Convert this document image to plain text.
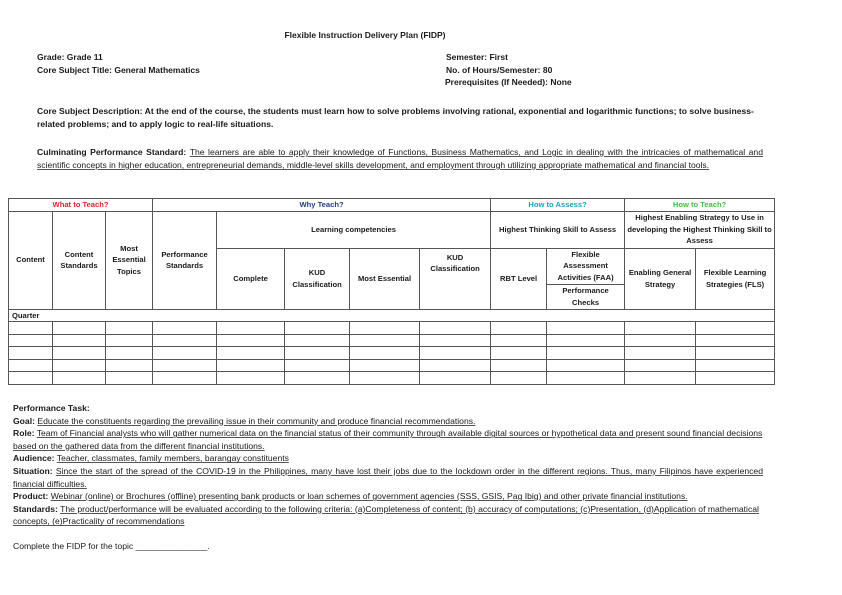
Flexible Instruction Delivery Plan (FIDP)
Grade: Grade 11
Core Subject Title: General Mathematics
Semester: First
No. of Hours/Semester: 80
Prerequisites (If Needed): None
Core Subject Description: At the end of the course, the students must learn how to solve problems involving rational, exponential and logarithmic functions; to solve business-related problems; and to apply logic to real-life situations.
Culminating Performance Standard: The learners are able to apply their knowledge of Functions, Business Mathematics, and Logic in dealing with the intricacies of mathematical and scientific concepts in higher education, entrepreneurial demands, middle-level skills development, and employment through utilizing appropriate mathematical and financial tools.
What to Teach?			Why Teach?					How to Assess?		How to Teach?	
Content	Content Standards	Most Essential Topics	Performance Standards	Learning competencies				Highest Thinking Skill to Assess		Highest Enabling Strategy to Use in developing the Highest Thinking Skill to Assess	
				Complete	KUD Classification	Most Essential	KUD Classification	RBT Level	Flexible Assessment Activities (FAA)	Enabling General Strategy	Flexible Learning Strategies (FLS)
									Performance Checks		
Quarter											

Performance Task:
Goal: Educate the constituents regarding the prevailing issue in their community and produce financial recommendations.
Role: Team of Financial analysts who will gather numerical data on the financial status of their community through available digital sources or hypothetical data and present sound financial decisions based on the gathered data from the different financial institutions.
Audience: Teacher, classmates, family members, barangay constituents
Situation: Since the start of the spread of the COVID-19 in the Philippines, many have lost their jobs due to the lockdown order in the different regions. Thus, many Filipinos have experienced financial difficulties.
Product: Webinar (online) or Brochures (offline) presenting bank products or loan schemes of government agencies (SSS, GSIS, Pag Ibig) and other private financial institutions.
Standards: The product/performance will be evaluated according to the following criteria: (a)Completeness of content; (b) accuracy of computations; (c)Presentation, (d)Application of mathematical concepts, (e)Practicality of recommendations
Complete the FIDP for the topic _______________.
